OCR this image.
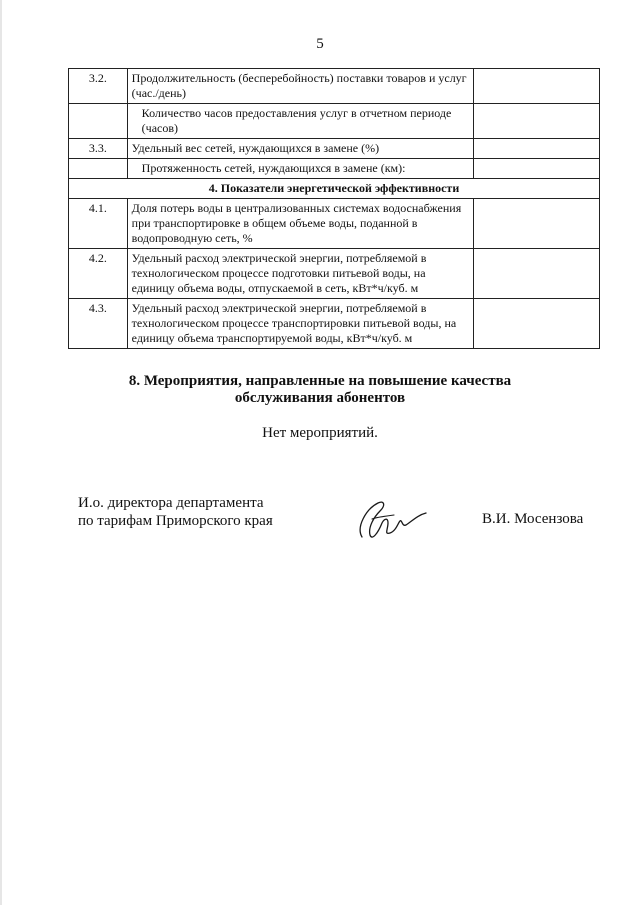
5
3.2.	Продолжительность (бесперебойность) поставки товаров и услуг (час./день)	
	Количество часов предоставления услуг в отчетном периоде (часов)	
3.3.	Удельный вес сетей, нуждающихся в замене (%)	
	Протяженность сетей, нуждающихся в замене (км):	
4. Показатели энергетической эффективности		
4.1.	Доля потерь воды в централизованных системах водоснабжения при транспортировке в общем объеме воды, поданной в водопроводную сеть, %	
4.2.	Удельный расход электрической энергии, потребляемой в технологическом процессе подготовки питьевой воды, на единицу объема воды, отпускаемой в сеть, кВт*ч/куб. м	
4.3.	Удельный расход электрической энергии, потребляемой в технологическом процессе транспортировки питьевой воды, на единицу объема транспортируемой воды, кВт*ч/куб. м	
8. Мероприятия, направленные на повышение качества
обслуживания абонентов
Нет мероприятий.
И.о. директора департамента
по тарифам Приморского края	В.И. Мосензова
